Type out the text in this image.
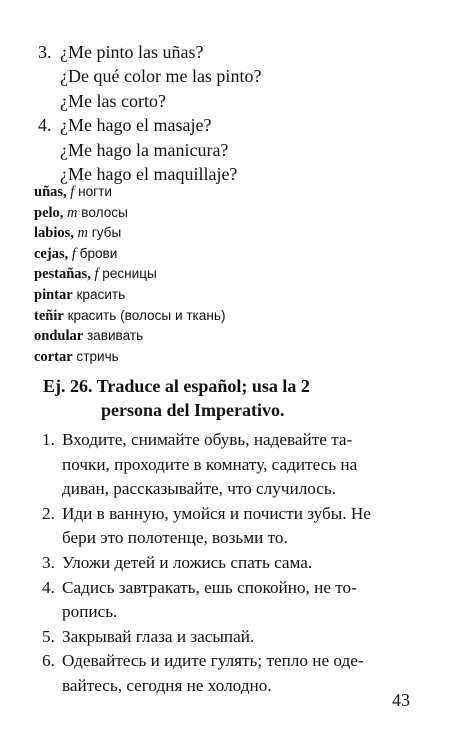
3. ¿Me pinto las uñas?
¿De qué color me las pinto?
¿Me las corto?
4. ¿Me hago el masaje?
¿Me hago la manicura?
¿Me hago el maquillaje?
uñas, f ногти
pelo, m волосы
labios, m губы
cejas, f брови
pestañas, f ресницы
pintar красить
teñir красить (волосы и ткань)
ondular завивать
cortar стричь
Ej. 26. Traduce al español; usa la 2
persona del Imperativo.
1. Входите, снимайте обувь, надевайте та-
почки, проходите в комнату, садитесь на
диван, рассказывайте, что случилось.
2. Иди в ванную, умойся и почисти зубы. Не
бери это полотенце, возьми то.
3. Уложи детей и ложись спать сама.
4. Садись завтракать, ешь спокойно, не то-
ропись.
5. Закрывай глаза и засыпай.
6. Одевайтесь и идите гулять; тепло не оде-
вайтесь, сегодня не холодно.
43
